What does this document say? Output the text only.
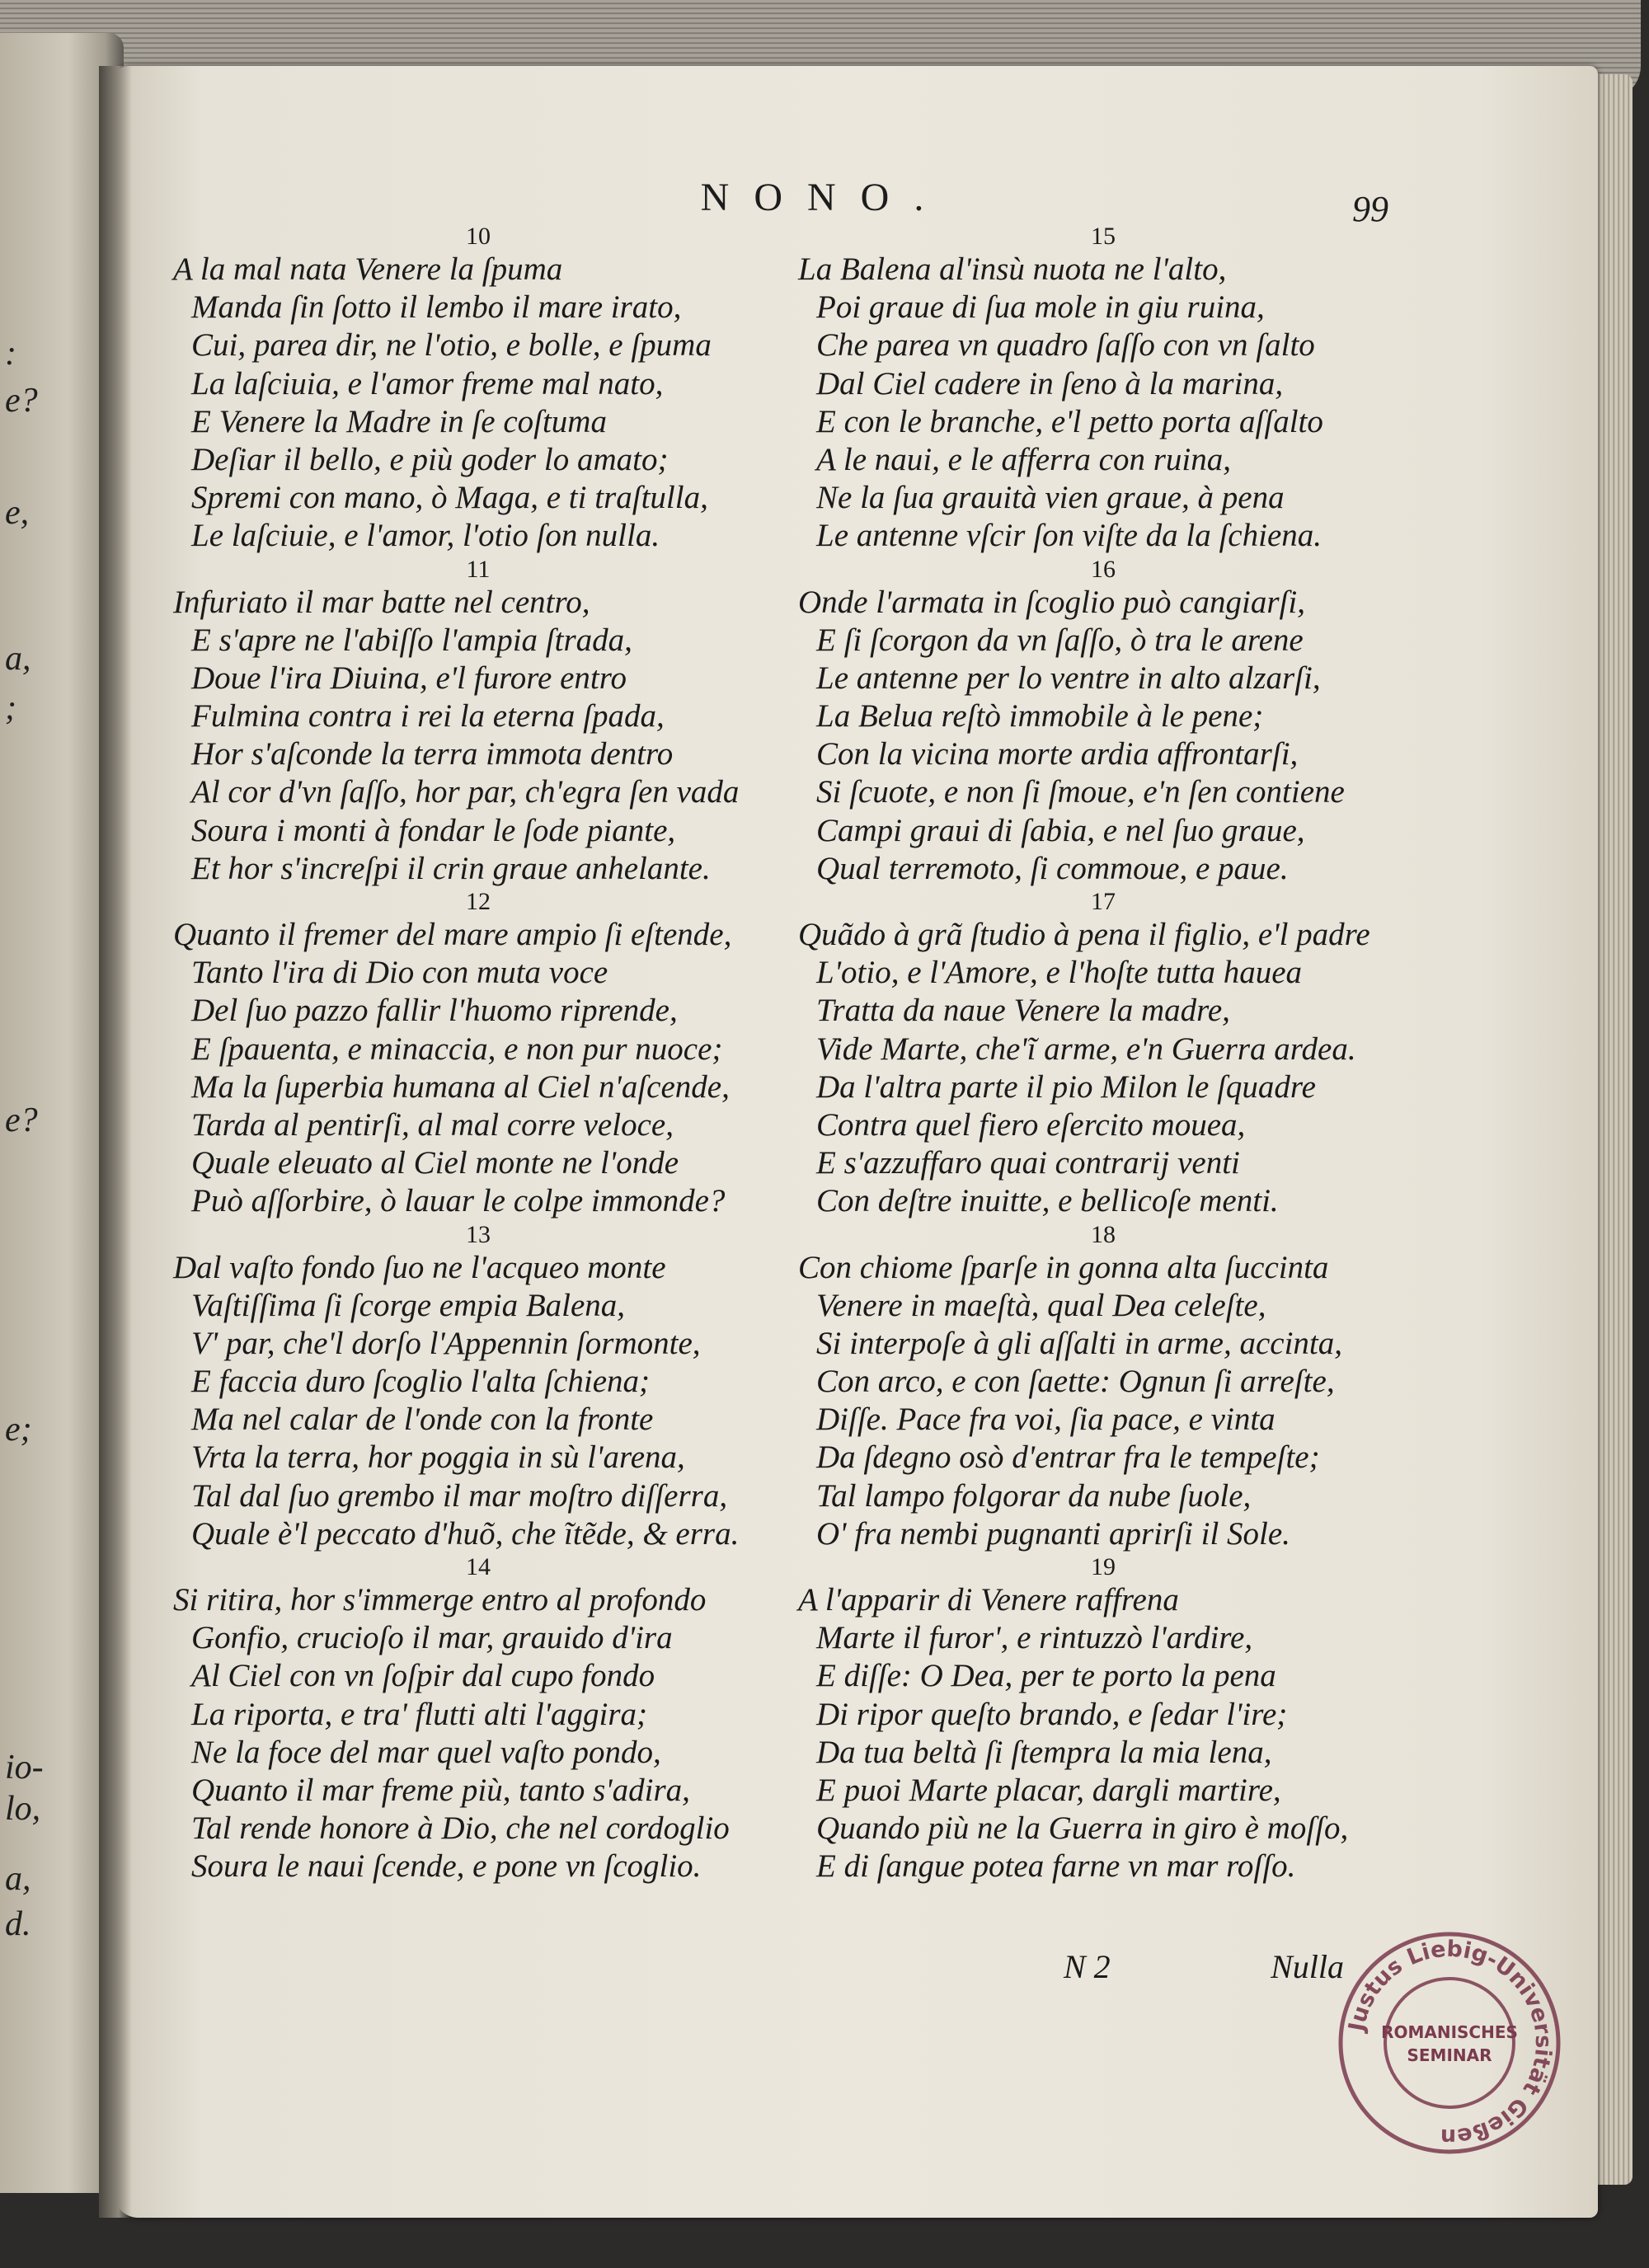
:
e?
e,
a,
;
e?
e;
io-
lo,
a,
d.
NONO.	99
10
A la mal nata Venere la ſpuma
Manda ſin ſotto il lembo il mare irato,
Cui, parea dir, ne l'otio, e bolle, e ſpuma
La laſciuia, e l'amor freme mal nato,
E Venere la Madre in ſe coſtuma
Deſiar il bello, e più goder lo amato;
Spremi con mano, ò Maga, e ti traſtulla,
Le laſciuie, e l'amor, l'otio ſon nulla.
11
Infuriato il mar batte nel centro,
E s'apre ne l'abiſſo l'ampia ſtrada,
Doue l'ira Diuina, e'l furore entro
Fulmina contra i rei la eterna ſpada,
Hor s'aſconde la terra immota dentro
Al cor d'vn ſaſſo, hor par, ch'egra ſen vada
Soura i monti à fondar le ſode piante,
Et hor s'increſpi il crin graue anhelante.
12
Quanto il fremer del mare ampio ſi eſtende,
Tanto l'ira di Dio con muta voce
Del ſuo pazzo fallir l'huomo riprende,
E ſpauenta, e minaccia, e non pur nuoce;
Ma la ſuperbia humana al Ciel n'aſcende,
Tarda al pentirſi, al mal corre veloce,
Quale eleuato al Ciel monte ne l'onde
Può aſſorbire, ò lauar le colpe immonde?
13
Dal vaſto fondo ſuo ne l'acqueo monte
Vaſtiſſima ſi ſcorge empia Balena,
V' par, che'l dorſo l'Appennin ſormonte,
E faccia duro ſcoglio l'alta ſchiena;
Ma nel calar de l'onde con la fronte
Vrta la terra, hor poggia in sù l'arena,
Tal dal ſuo grembo il mar moſtro diſſerra,
Quale è'l peccato d'huõ, che ĩtẽde, & erra.
14
Si ritira, hor s'immerge entro al profondo
Gonfio, crucioſo il mar, grauido d'ira
Al Ciel con vn ſoſpir dal cupo fondo
La riporta, e tra' flutti alti l'aggira;
Ne la foce del mar quel vaſto pondo,
Quanto il mar freme più, tanto s'adira,
Tal rende honore à Dio, che nel cordoglio
Soura le naui ſcende, e pone vn ſcoglio.
15
La Balena al'insù nuota ne l'alto,
Poi graue di ſua mole in giu ruina,
Che parea vn quadro ſaſſo con vn ſalto
Dal Ciel cadere in ſeno à la marina,
E con le branche, e'l petto porta aſſalto
A le naui, e le afferra con ruina,
Ne la ſua grauità vien graue, à pena
Le antenne vſcir ſon viſte da la ſchiena.
16
Onde l'armata in ſcoglio può cangiarſi,
E ſi ſcorgon da vn ſaſſo, ò tra le arene
Le antenne per lo ventre in alto alzarſi,
La Belua reſtò immobile à le pene;
Con la vicina morte ardia affrontarſi,
Si ſcuote, e non ſi ſmoue, e'n ſen contiene
Campi graui di ſabia, e nel ſuo graue,
Qual terremoto, ſi commoue, e paue.
17
Quãdo à grã ſtudio à pena il figlio, e'l padre
L'otio, e l'Amore, e l'hoſte tutta hauea
Tratta da naue Venere la madre,
Vide Marte, che'ĩ arme, e'n Guerra ardea.
Da l'altra parte il pio Milon le ſquadre
Contra quel fiero eſercito mouea,
E s'azzuffaro quai contrarij venti
Con deſtre inuitte, e bellicoſe menti.
18
Con chiome ſparſe in gonna alta ſuccinta
Venere in maeſtà, qual Dea celeſte,
Si interpoſe à gli aſſalti in arme, accinta,
Con arco, e con ſaette: Ognun ſi arreſte,
Diſſe. Pace fra voi, ſia pace, e vinta
Da ſdegno osò d'entrar fra le tempeſte;
Tal lampo folgorar da nube ſuole,
O' fra nembi pugnanti aprirſi il Sole.
19
A l'apparir di Venere raffrena
Marte il furor', e rintuzzò l'ardire,
E diſſe: O Dea, per te porto la pena
Di ripor queſto brando, e ſedar l'ire;
Da tua beltà ſi ſtempra la mia lena,
E puoi Marte placar, dargli martire,
Quando più ne la Guerra in giro è moſſo,
E di ſangue potea farne vn mar roſſo.
N 2	Nulla
Justus Liebig-Universität Gießen
ROMANISCHES
SEMINAR
